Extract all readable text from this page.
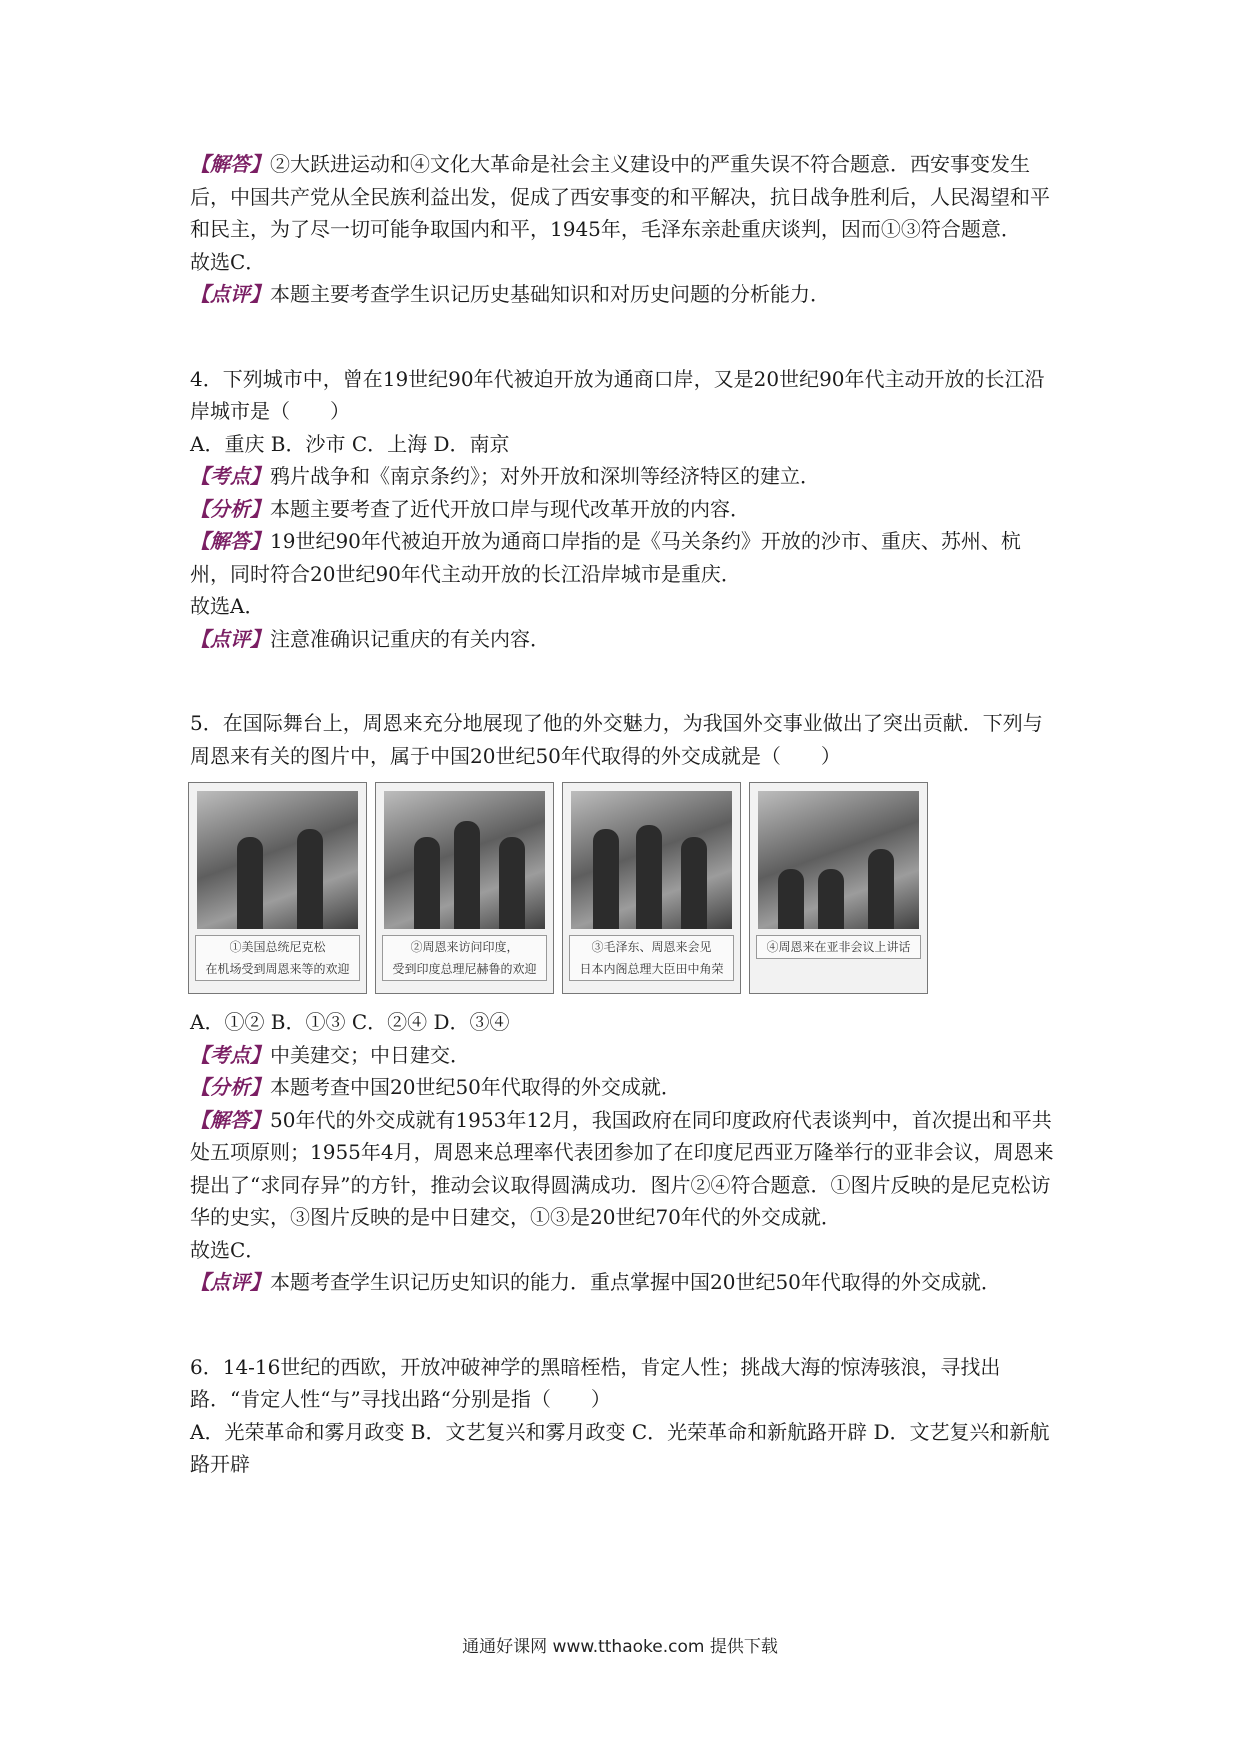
【解答】②大跃进运动和④文化大革命是社会主义建设中的严重失误不符合题意．西安事变发生后，中国共产党从全民族利益出发，促成了西安事变的和平解决，抗日战争胜利后，人民渴望和平和民主，为了尽一切可能争取国内和平，1945年，毛泽东亲赴重庆谈判，因而①③符合题意．

故选C．

【点评】本题主要考查学生识记历史基础知识和对历史问题的分析能力．

4．下列城市中，曾在19世纪90年代被迫开放为通商口岸，又是20世纪90年代主动开放的长江沿岸城市是（　　）

A．重庆 B．沙市 C．上海 D．南京

【考点】鸦片战争和《南京条约》；对外开放和深圳等经济特区的建立．

【分析】本题主要考查了近代开放口岸与现代改革开放的内容．

【解答】19世纪90年代被迫开放为通商口岸指的是《马关条约》开放的沙市、重庆、苏州、杭州，同时符合20世纪90年代主动开放的长江沿岸城市是重庆．

故选A．

【点评】注意准确识记重庆的有关内容．

5．在国际舞台上，周恩来充分地展现了他的外交魅力，为我国外交事业做出了突出贡献．下列与周恩来有关的图片中，属于中国20世纪50年代取得的外交成就是（　　）

①美国总统尼克松
在机场受到周恩来等的欢迎
②周恩来访问印度，
受到印度总理尼赫鲁的欢迎
③毛泽东、周恩来会见
日本内阁总理大臣田中角荣
④周恩来在亚非会议上讲话

A．①② B．①③ C．②④ D．③④

【考点】中美建交；中日建交．

【分析】本题考查中国20世纪50年代取得的外交成就．

【解答】50年代的外交成就有1953年12月，我国政府在同印度政府代表谈判中，首次提出和平共处五项原则；1955年4月，周恩来总理率代表团参加了在印度尼西亚万隆举行的亚非会议，周恩来提出了“求同存异”的方针，推动会议取得圆满成功．图片②④符合题意．①图片反映的是尼克松访华的史实，③图片反映的是中日建交，①③是20世纪70年代的外交成就．

故选C．

【点评】本题考查学生识记历史知识的能力．重点掌握中国20世纪50年代取得的外交成就．

6．14-16世纪的西欧，开放冲破神学的黑暗桎梏，肯定人性；挑战大海的惊涛骇浪，寻找出路．“肯定人性“与”寻找出路“分别是指（　　）

A．光荣革命和雾月政变 B．文艺复兴和雾月政变 C．光荣革命和新航路开辟 D．文艺复兴和新航路开辟

通通好课网 www.tthaoke.com 提供下载
